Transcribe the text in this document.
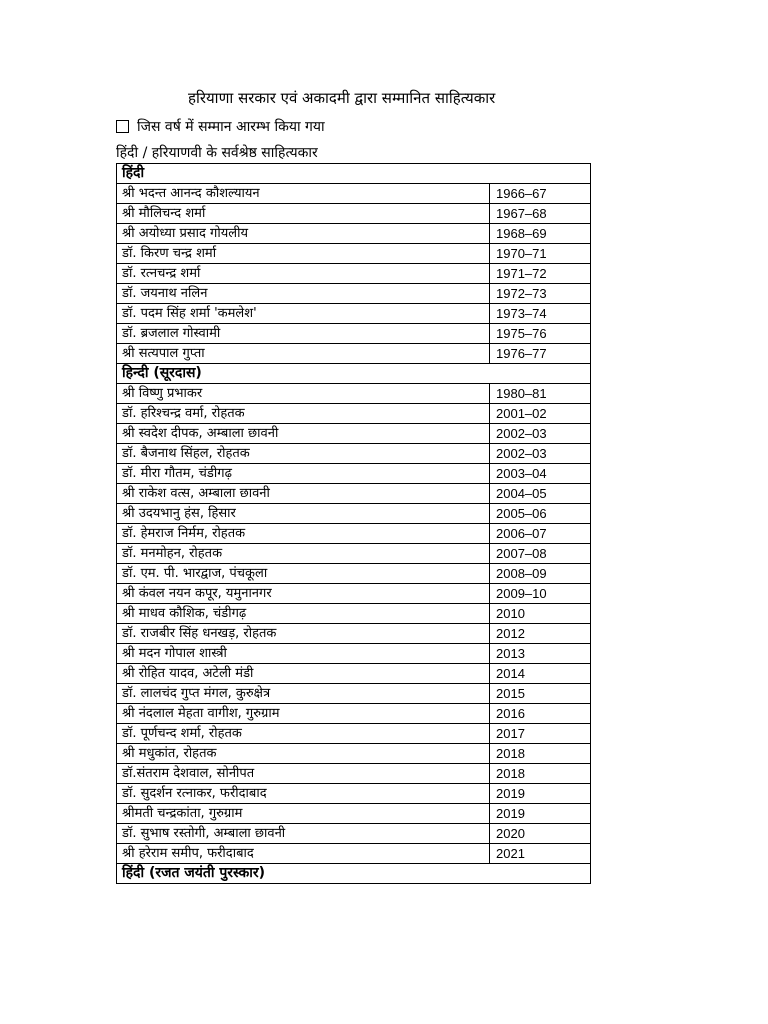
हरियाणा सरकार एवं अकादमी द्वारा सम्मानित साहित्यकार
जिस वर्ष में सम्मान आरम्भ किया गया
हिंदी / हरियाणवी के सर्वश्रेष्ठ साहित्यकार
हिंदी	
श्री भदन्त आनन्द कौशल्यायन	1966–67
श्री मौलिचन्द शर्मा	1967–68
श्री अयोध्या प्रसाद गोयलीय	1968–69
डॉ. किरण चन्द्र शर्मा	1970–71
डॉ. रत्नचन्द्र शर्मा	1971–72
डॉ. जयनाथ नलिन	1972–73
डॉ. पदम सिंह शर्मा 'कमलेश'	1973–74
डॉ. ब्रजलाल गोस्वामी	1975–76
श्री सत्यपाल गुप्ता	1976–77
हिन्दी (सूरदास)	
श्री विष्णु प्रभाकर	1980–81
डॉ. हरिश्चन्द्र वर्मा, रोहतक	2001–02
श्री स्वदेश दीपक, अम्बाला छावनी	2002–03
डॉ. बैजनाथ सिंहल, रोहतक	2002–03
डॉ. मीरा गौतम, चंडीगढ़	2003–04
श्री राकेश वत्स, अम्बाला छावनी	2004–05
श्री उदयभानु हंस, हिसार	2005–06
डॉ. हेमराज निर्मम, रोहतक	2006–07
डॉ. मनमोहन, रोहतक	2007–08
डॉ. एम. पी. भारद्वाज, पंचकूला	2008–09
श्री कंवल नयन कपूर, यमुनानगर	2009–10
श्री माधव कौशिक, चंडीगढ़	2010
डॉ. राजबीर सिंह धनखड़, रोहतक	2012
श्री मदन गोपाल शास्त्री	2013
श्री रोहित यादव, अटेली मंडी	2014
डॉ. लालचंद गुप्त मंगल, कुरुक्षेत्र	2015
श्री नंदलाल मेहता वागीश, गुरुग्राम	2016
डॉ. पूर्णचन्द शर्मा, रोहतक	2017
श्री मधुकांत, रोहतक	2018
डॉ.संतराम देशवाल, सोनीपत	2018
डॉ. सुदर्शन रत्नाकर, फरीदाबाद	2019
श्रीमती चन्द्रकांता, गुरुग्राम	2019
डॉ. सुभाष रस्तोगी, अम्बाला छावनी	2020
श्री हरेराम समीप, फरीदाबाद	2021
हिंदी (रजत जयंती पुरस्कार)	
